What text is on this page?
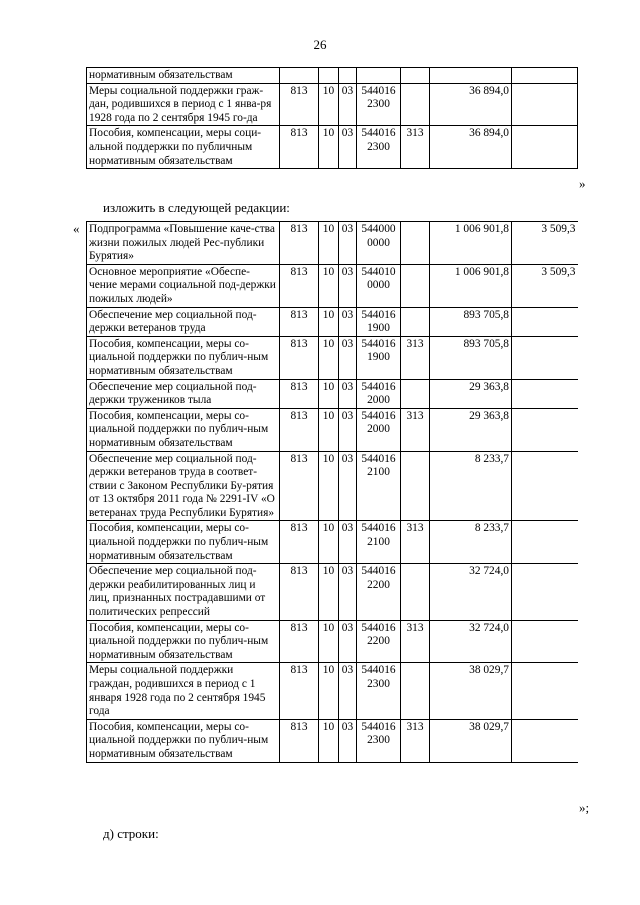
26
нормативным обязательствам							
Меры социальной поддержки граж-дан, родившихся в период с 1 янва-ря 1928 года по 2 сентября 1945 го-да	813	10	03	544016 2300		36 894,0	
Пособия, компенсации, меры соци-альной поддержки по публичным нормативным обязательствам	813	10	03	544016 2300	313	36 894,0	
»
изложить в следующей редакции:
« Подпрограмма «Повышение каче-ства жизни пожилых людей Рес-публики Бурятия»	813	10	03	544000 0000		1 006 901,8	3 509,3
Основное мероприятие «Обеспе-чение мерами социальной под-держки пожилых людей»	813	10	03	544010 0000		1 006 901,8	3 509,3
Обеспечение мер социальной под-держки ветеранов труда	813	10	03	544016 1900		893 705,8	
Пособия, компенсации, меры со-циальной поддержки по публич-ным нормативным обязательствам	813	10	03	544016 1900	313	893 705,8	
Обеспечение мер социальной под-держки тружеников тыла	813	10	03	544016 2000		29 363,8	
Пособия, компенсации, меры со-циальной поддержки по публич-ным нормативным обязательствам	813	10	03	544016 2000	313	29 363,8	
Обеспечение мер социальной под-держки ветеранов труда в соответ-ствии с Законом Республики Бу-рятия от 13 октября 2011 года № 2291-IV «О ветеранах труда Республики Бурятия»	813	10	03	544016 2100		8 233,7	
Пособия, компенсации, меры со-циальной поддержки по публич-ным нормативным обязательствам	813	10	03	544016 2100	313	8 233,7	
Обеспечение мер социальной под-держки реабилитированных лиц и лиц, признанных пострадавшими от политических репрессий	813	10	03	544016 2200		32 724,0	
Пособия, компенсации, меры со-циальной поддержки по публич-ным нормативным обязательствам	813	10	03	544016 2200	313	32 724,0	
Меры социальной поддержки граждан, родившихся в период с 1 января 1928 года по 2 сентября 1945 года	813	10	03	544016 2300		38 029,7	
Пособия, компенсации, меры со-циальной поддержки по публич-ным нормативным обязательствам	813	10	03	544016 2300	313	38 029,7	
»;
д) строки:
